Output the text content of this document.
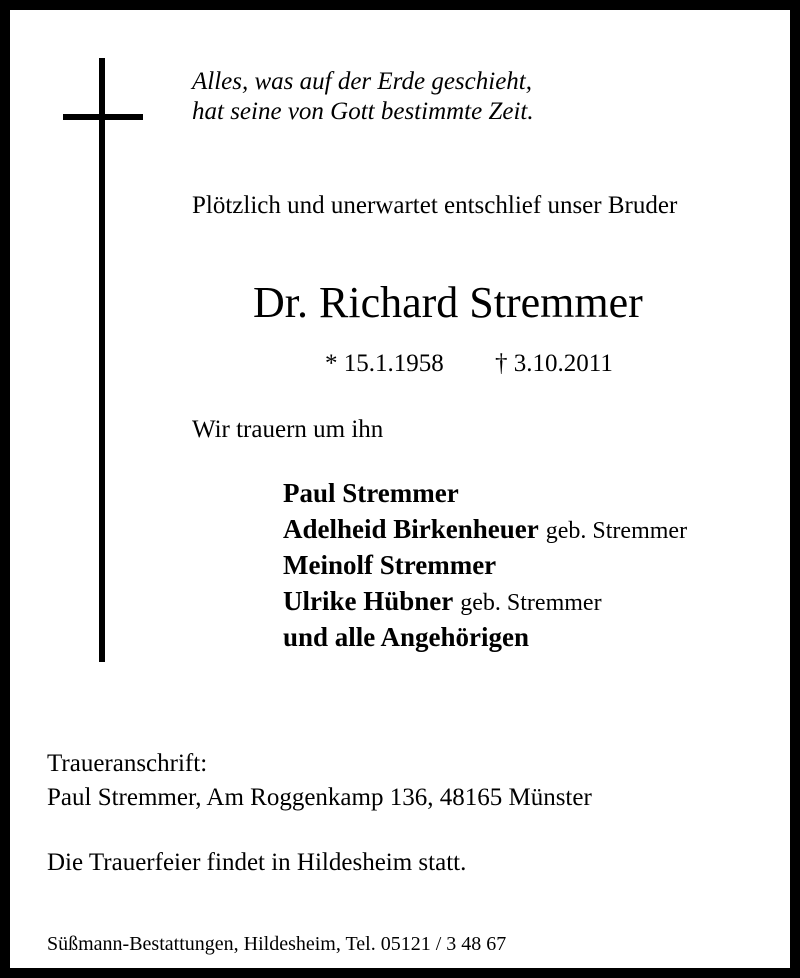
Alles, was auf der Erde geschieht,
hat seine von Gott bestimmte Zeit.
Plötzlich und unerwartet entschlief unser Bruder
Dr. Richard Stremmer
* 15.1.1958 † 3.10.2011
Wir trauern um ihn
Paul Stremmer
Adelheid Birkenheuer geb. Stremmer
Meinolf Stremmer
Ulrike Hübner geb. Stremmer
und alle Angehörigen
Traueranschrift:
Paul Stremmer, Am Roggenkamp 136, 48165 Münster
Die Trauerfeier findet in Hildesheim statt.
Süßmann-Bestattungen, Hildesheim, Tel. 05121 / 3 48 67
